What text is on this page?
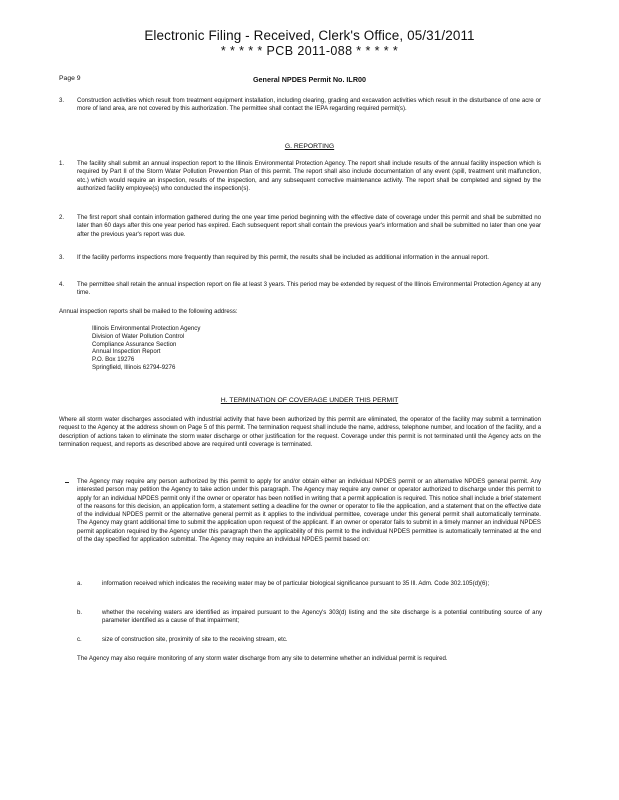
Electronic Filing - Received, Clerk's Office, 05/31/2011
* * * * * PCB 2011-088 * * * * *
Page 9	General NPDES Permit No. ILR00
3. Construction activities which result from treatment equipment installation, including clearing, grading and excavation activities which result in the disturbance of one acre or more of land area, are not covered by this authorization. The permittee shall contact the IEPA regarding required permit(s).
G. REPORTING
1. The facility shall submit an annual inspection report to the Illinois Environmental Protection Agency. The report shall include results of the annual facility inspection which is required by Part II of the Storm Water Pollution Prevention Plan of this permit. The report shall also include documentation of any event (spill, treatment unit malfunction, etc.) which would require an inspection, results of the inspection, and any subsequent corrective maintenance activity. The report shall be completed and signed by the authorized facility employee(s) who conducted the inspection(s).
2. The first report shall contain information gathered during the one year time period beginning with the effective date of coverage under this permit and shall be submitted no later than 60 days after this one year period has expired. Each subsequent report shall contain the previous year's information and shall be submitted no later than one year after the previous year's report was due.
3. If the facility performs inspections more frequently than required by this permit, the results shall be included as additional information in the annual report.
4. The permittee shall retain the annual inspection report on file at least 3 years. This period may be extended by request of the Illinois Environmental Protection Agency at any time.
Annual inspection reports shall be mailed to the following address:
Illinois Environmental Protection Agency
Division of Water Pollution Control
Compliance Assurance Section
Annual Inspection Report
P.O. Box 19276
Springfield, Illinois 62794-9276
H. TERMINATION OF COVERAGE UNDER THIS PERMIT
Where all storm water discharges associated with industrial activity that have been authorized by this permit are eliminated, the operator of the facility may submit a termination request to the Agency at the address shown on Page 5 of this permit. The termination request shall include the name, address, telephone number, and location of the facility, and a description of actions taken to eliminate the storm water discharge or other justification for the request. Coverage under this permit is not terminated until the Agency acts on the termination request, and reports as described above are required until coverage is terminated.
The Agency may require any person authorized by this permit to apply for and/or obtain either an individual NPDES permit or an alternative NPDES general permit. Any interested person may petition the Agency to take action under this paragraph. The Agency may require any owner or operator authorized to discharge under this permit to apply for an individual NPDES permit only if the owner or operator has been notified in writing that a permit application is required. This notice shall include a brief statement of the reasons for this decision, an application form, a statement setting a deadline for the owner or operator to file the application, and a statement that on the effective date of the individual NPDES permit or the alternative general permit as it applies to the individual permittee, coverage under this general permit shall automatically terminate. The Agency may grant additional time to submit the application upon request of the applicant. If an owner or operator fails to submit in a timely manner an individual NPDES permit application required by the Agency under this paragraph then the applicability of this permit to the individual NPDES permittee is automatically terminated at the end of the day specified for application submittal. The Agency may require an individual NPDES permit based on:
a.	information received which indicates the receiving water may be of particular biological significance pursuant to 35 Ill. Adm. Code 302.105(d)(6);
b.	whether the receiving waters are identified as impaired pursuant to the Agency's 303(d) listing and the site discharge is a potential contributing source of any parameter identified as a cause of that impairment;
c.	size of construction site, proximity of site to the receiving stream, etc.
The Agency may also require monitoring of any storm water discharge from any site to determine whether an individual permit is required.
